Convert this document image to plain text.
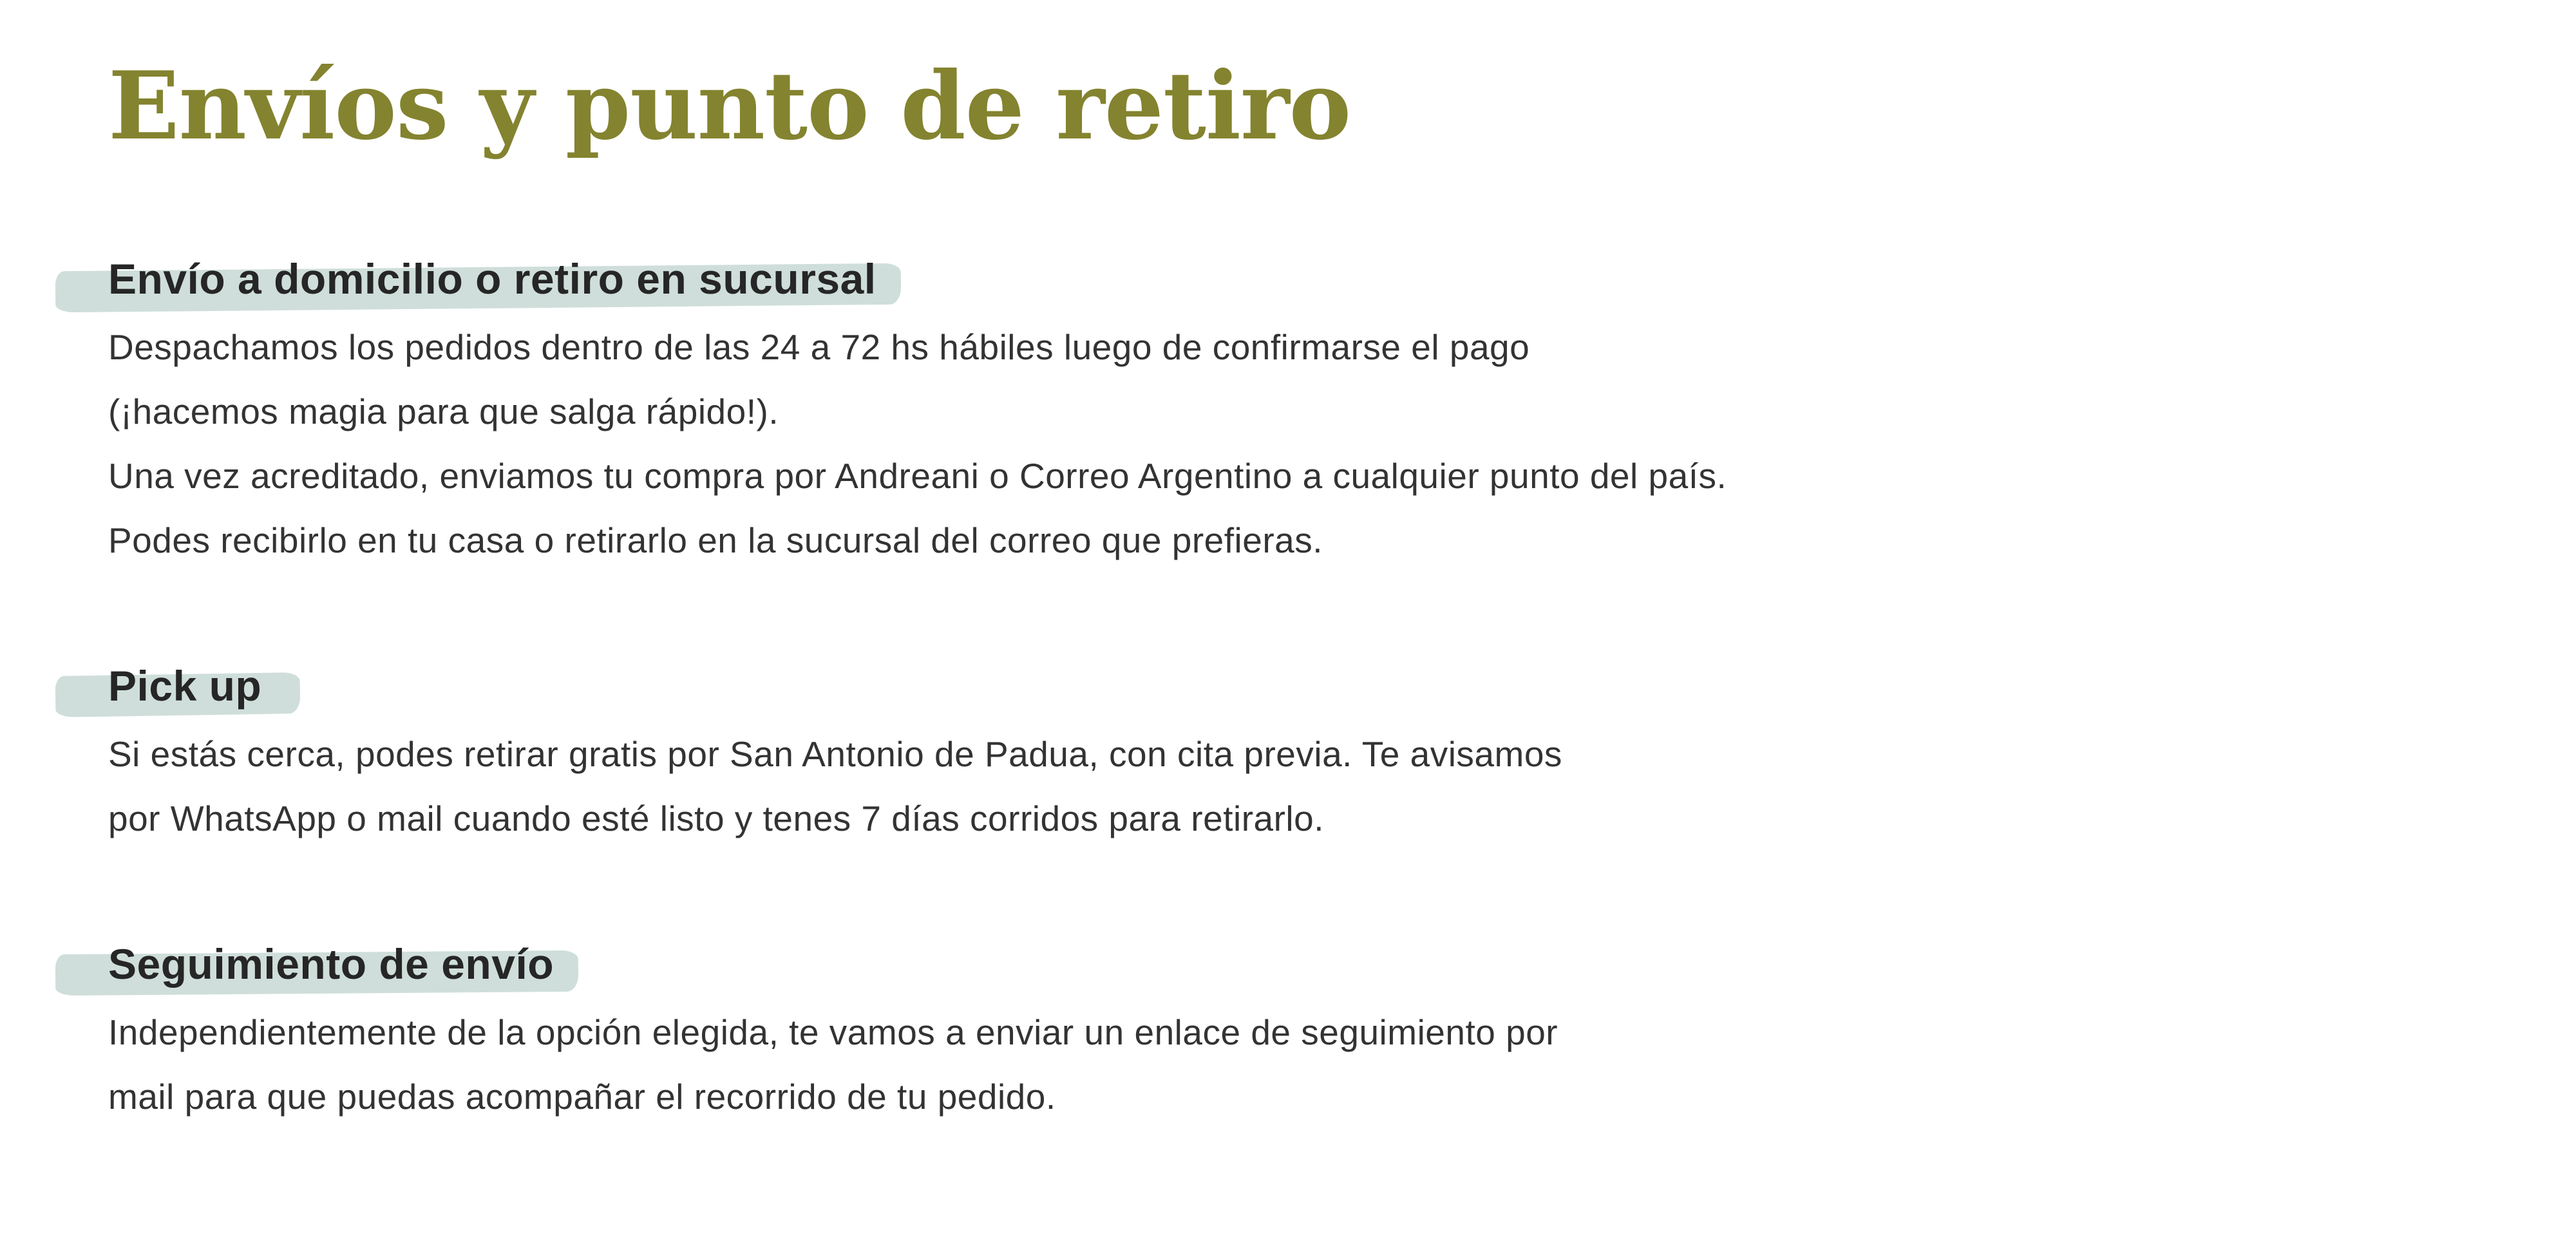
Envíos y punto de retiro
Envío a domicilio o retiro en sucursal
Despachamos los pedidos dentro de las 24 a 72 hs hábiles luego de confirmarse el pago
(¡hacemos magia para que salga rápido!).
Una vez acreditado, enviamos tu compra por Andreani o Correo Argentino a cualquier punto del país.
Podes recibirlo en tu casa o retirarlo en la sucursal del correo que prefieras.
Pick up
Si estás cerca, podes retirar gratis por San Antonio de Padua, con cita previa. Te avisamos
por WhatsApp o mail cuando esté listo y tenes 7 días corridos para retirarlo.
Seguimiento de envío
Independientemente de la opción elegida, te vamos a enviar un enlace de seguimiento por
mail para que puedas acompañar el recorrido de tu pedido.
